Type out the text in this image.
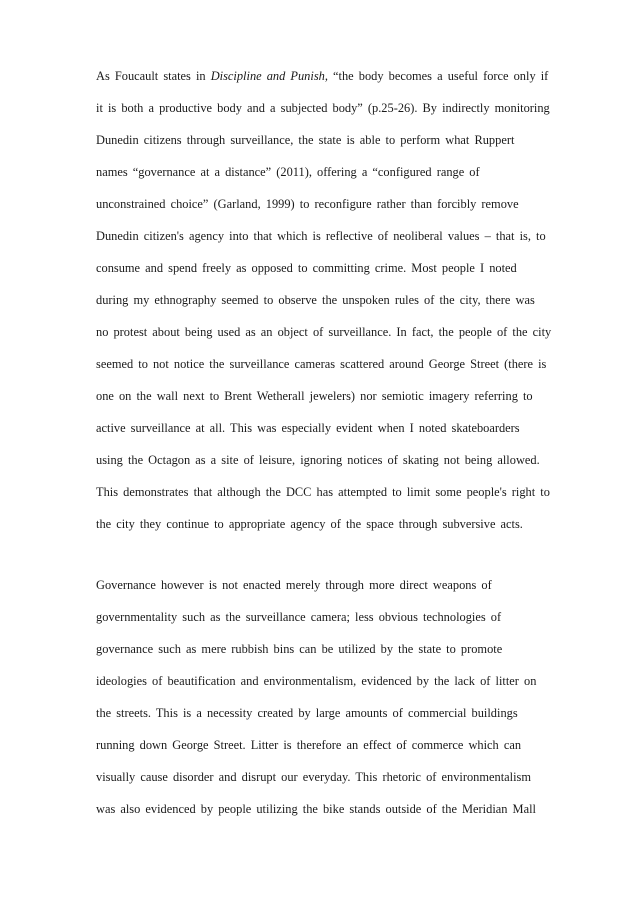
As Foucault states in Discipline and Punish, “the body becomes a useful force only if
it is both a productive body and a subjected body” (p.25-26). By indirectly monitoring
Dunedin citizens through surveillance, the state is able to perform what Ruppert
names “governance at a distance” (2011), offering a “configured range of
unconstrained choice” (Garland, 1999) to reconfigure rather than forcibly remove
Dunedin citizen's agency into that which is reflective of neoliberal values – that is, to
consume and spend freely as opposed to committing crime. Most people I noted
during my ethnography seemed to observe the unspoken rules of the city, there was
no protest about being used as an object of surveillance. In fact, the people of the city
seemed to not notice the surveillance cameras scattered around George Street (there is
one on the wall next to Brent Wetherall jewelers) nor semiotic imagery referring to
active surveillance at all. This was especially evident when I noted skateboarders
using the Octagon as a site of leisure, ignoring notices of skating not being allowed.
This demonstrates that although the DCC has attempted to limit some people's right to
the city they continue to appropriate agency of the space through subversive acts.
Governance however is not enacted merely through more direct weapons of
governmentality such as the surveillance camera; less obvious technologies of
governance such as mere rubbish bins can be utilized by the state to promote
ideologies of beautification and environmentalism, evidenced by the lack of litter on
the streets. This is a necessity created by large amounts of commercial buildings
running down George Street. Litter is therefore an effect of commerce which can
visually cause disorder and disrupt our everyday. This rhetoric of environmentalism
was also evidenced by people utilizing the bike stands outside of the Meridian Mall
